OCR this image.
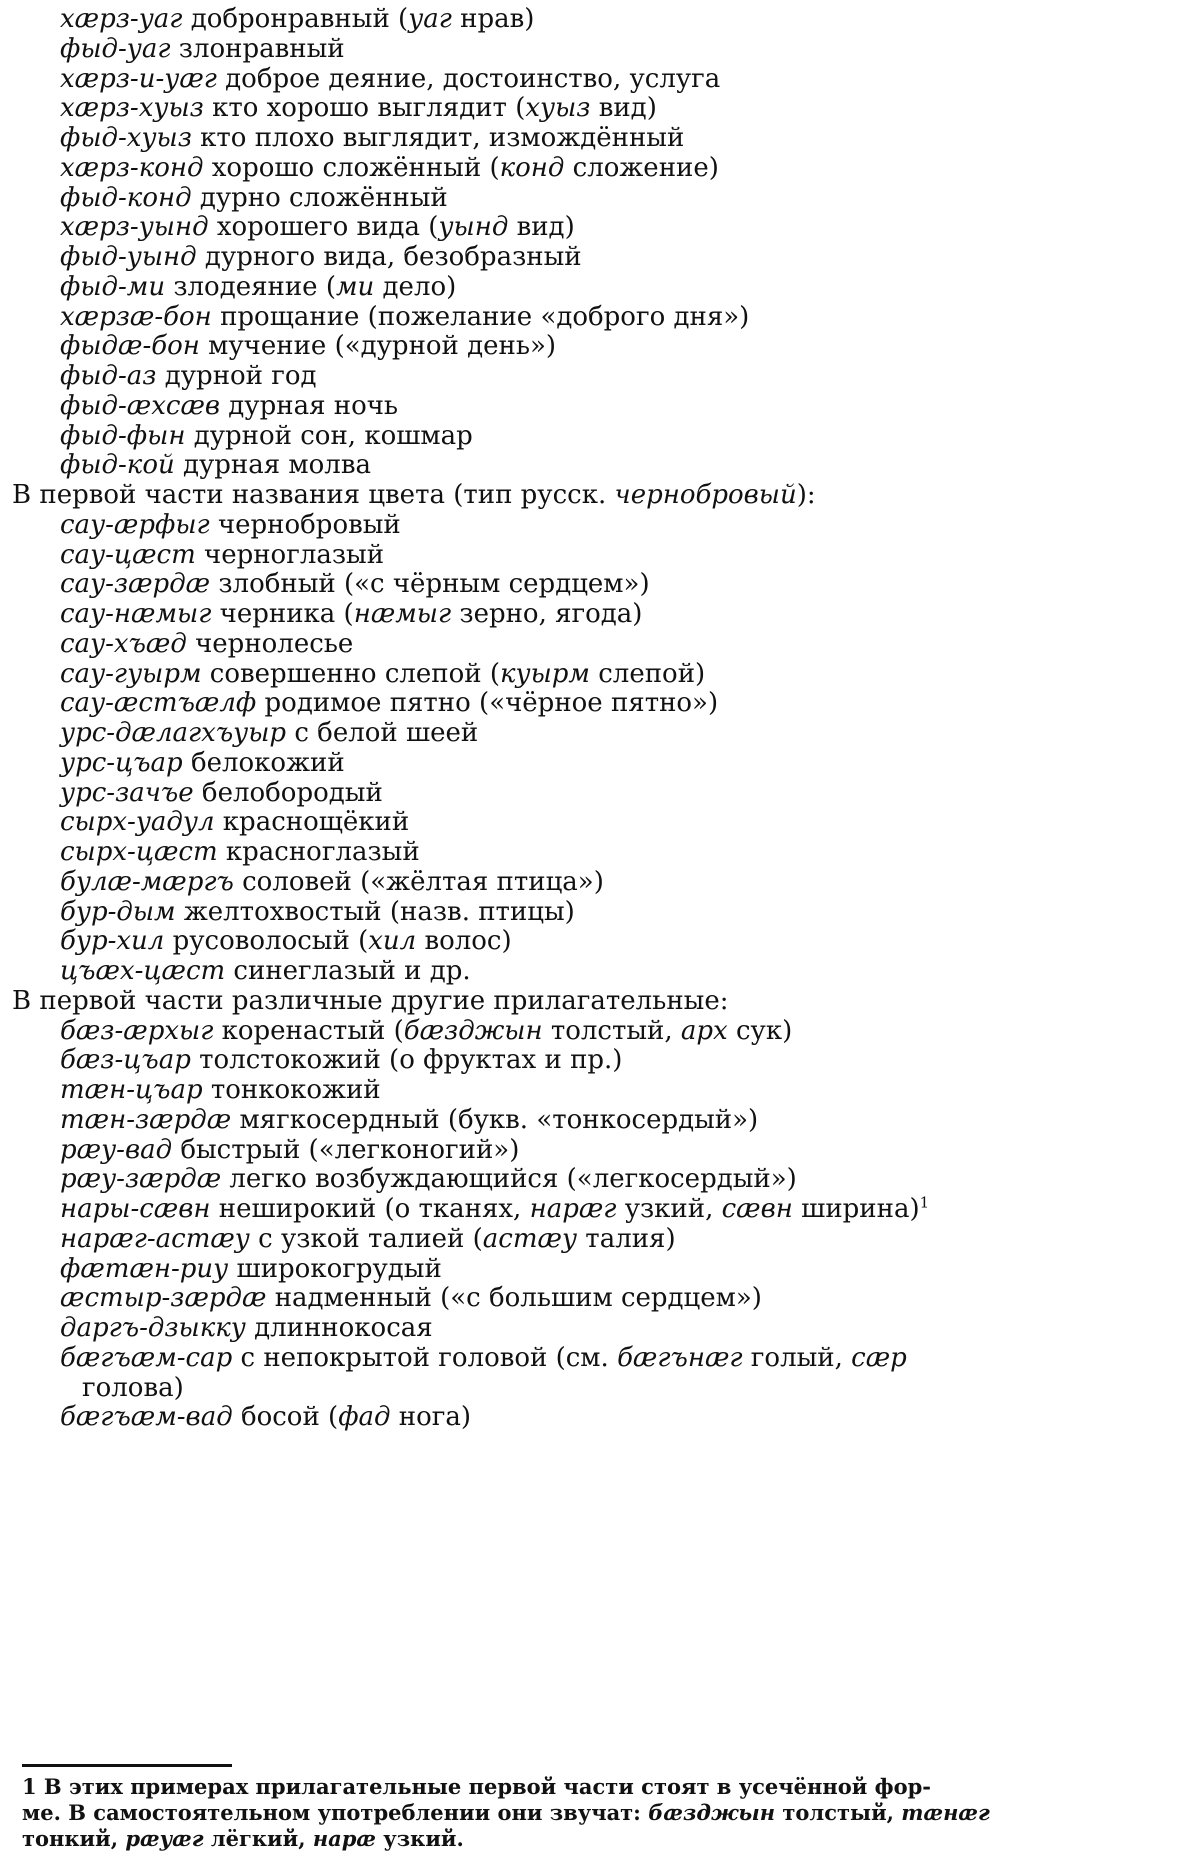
хæрз-уаг добронравный (уаг нрав)
фыд-уаг злонравный
хæрз-и-уæг доброе деяние, достоинство, услуга
хæрз-хуыз кто хорошо выглядит (хуыз вид)
фыд-хуыз кто плохо выглядит, измождённый
хæрз-конд хорошо сложённый (конд сложение)
фыд-конд дурно сложённый
хæрз-уынд хорошего вида (уынд вид)
фыд-уынд дурного вида, безобразный
фыд-ми злодеяние (ми дело)
хæрзæ-бон прощание (пожелание «доброго дня»)
фыдæ-бон мучение («дурной день»)
фыд-аз дурной год
фыд-æхсæв дурная ночь
фыд-фын дурной сон, кошмар
фыд-кой дурная молва
В первой части названия цвета (тип русск. чернобровый):
сау-æрфыг чернобровый
сау-цæст черноглазый
сау-зæрдæ злобный («с чёрным сердцем»)
сау-нæмыг черника (нæмыг зерно, ягода)
сау-хъæд чернолесье
сау-гуырм совершенно слепой (куырм слепой)
сау-æстъæлф родимое пятно («чёрное пятно»)
урс-дæлагхъуыр с белой шеей
урс-цъар белокожий
урс-зачъе белобородый
сырх-уадул краснощёкий
сырх-цæст красноглазый
булæ-мæргъ соловей («жёлтая птица»)
бур-дым желтохвостый (назв. птицы)
бур-хил русоволосый (хил волос)
цъæх-цæст синеглазый и др.
В первой части различные другие прилагательные:
бæз-æрхыг коренастый (бæзджын толстый, арх сук)
бæз-цъар толстокожий (о фруктах и пр.)
тæн-цъар тонкокожий
тæн-зæрдæ мягкосердный (букв. «тонкосердый»)
рæу-вад быстрый («легконогий»)
рæу-зæрдæ легко возбуждающийся («легкосердый»)
нары-сæвн неширокий (о тканях, нарæг узкий, сæвн ширина)$^1$
нарæг-астæу с узкой талией (астæу талия)
фæтæн-риу широкогрудый
æстыр-зæрдæ надменный («с большим сердцем»)
даргъ-дзыкку длиннокосая
бæгъæм-сар с непокрытой головой (см. бæгънæг голый, сæр
голова)
бæгъæм-вад босой (фад нога)
1 В этих примерах прилагательные первой части стоят в усечённой фор-
ме. В самостоятельном употреблении они звучат: бæзджын толстый, тæнæг
тонкий, рæуæг лёгкий, нарæ узкий.
